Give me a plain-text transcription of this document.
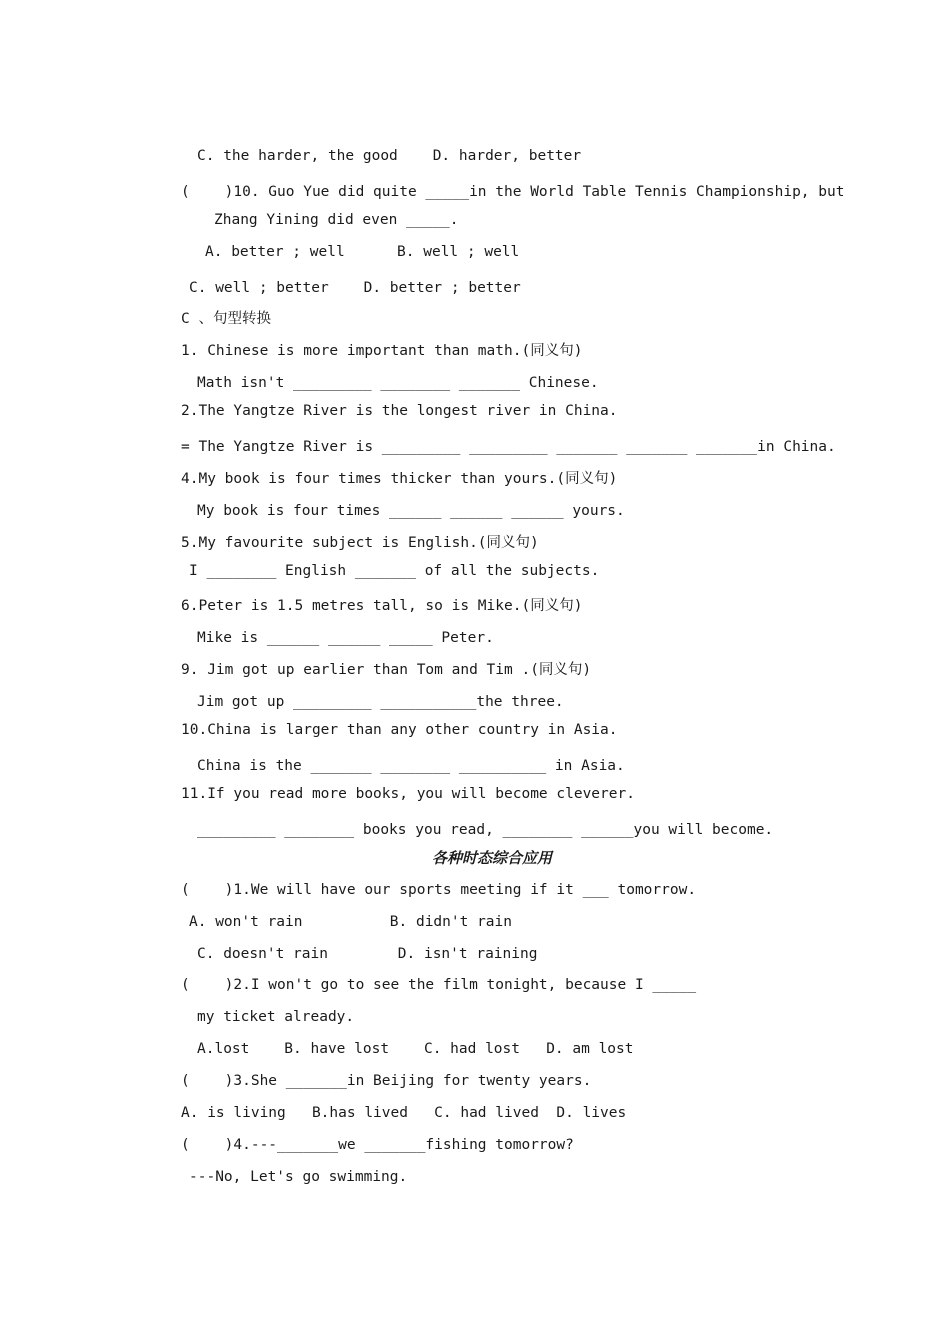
C. the harder, the good    D. harder, better

(    )10. Guo Yue did quite _____in the World Table Tennis Championship, but

Zhang Yining did even _____.

A. better ; well      B. well ; well

C. well ; better    D. better ; better

C 、句型转换

1. Chinese is more important than math.(同义句)

Math isn't _________ ________ _______ Chinese.

2.The Yangtze River is the longest river in China.

= The Yangtze River is _________ _________ _______ _______ _______in China.

4.My book is four times thicker than yours.(同义句)

My book is four times ______ ______ ______ yours.

5.My favourite subject is English.(同义句)

I ________ English _______ of all the subjects.

6.Peter is 1.5 metres tall, so is Mike.(同义句)

Mike is ______ ______ _____ Peter.

9. Jim got up earlier than Tom and Tim .(同义句)

Jim got up _________ ___________the three.

10.China is larger than any other country in Asia.

China is the _______ ________ __________ in Asia.

11.If you read more books, you will become cleverer.

_________ ________ books you read, ________ ______you will become.

各种时态综合应用

(    )1.We will have our sports meeting if it ___ tomorrow.

A. won't rain          B. didn't rain

C. doesn't rain        D. isn't raining

(    )2.I won't go to see the film tonight, because I _____

my ticket already.

A.lost    B. have lost    C. had lost   D. am lost

(    )3.She _______in Beijing for twenty years.

A. is living   B.has lived   C. had lived  D. lives

(    )4.---_______we _______fishing tomorrow?

---No, Let's go swimming.
